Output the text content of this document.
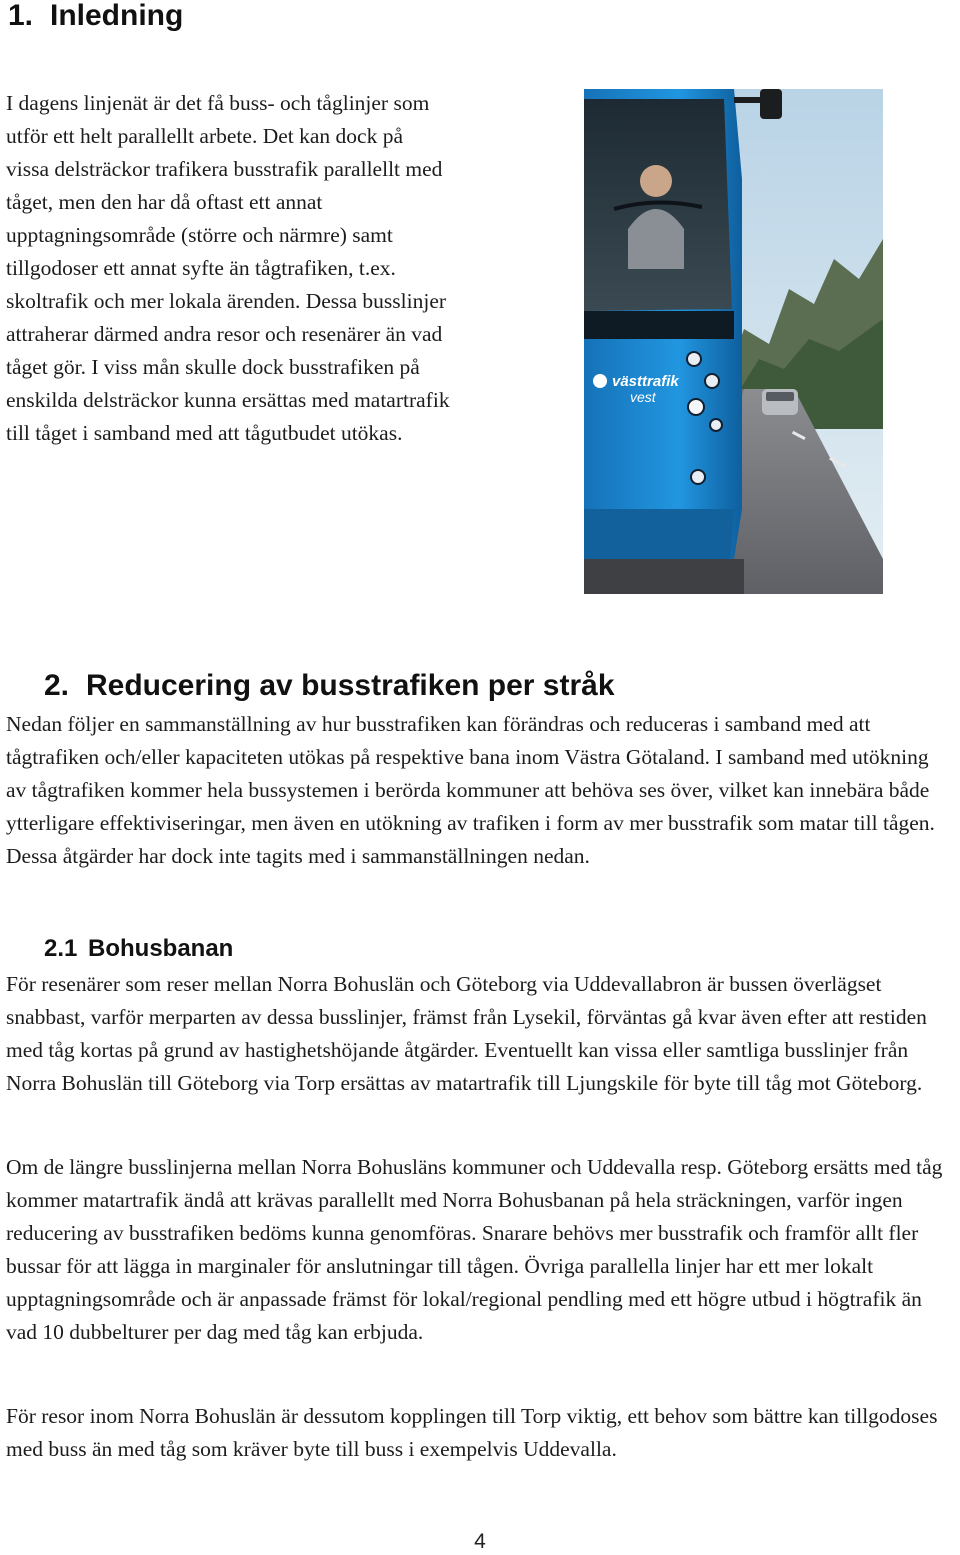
1. Inledning

I dagens linjenät är det få buss- och tåglinjer som utför ett helt parallellt arbete. Det kan dock på vissa delsträckor trafikera busstrafik parallellt med tåget, men den har då oftast ett annat upptagningsområde (större och närmre) samt tillgodoser ett annat syfte än tågtrafiken, t.ex. skoltrafik och mer lokala ärenden. Dessa busslinjer attraherar därmed andra resor och resenärer än vad tåget gör. I viss mån skulle dock busstrafiken på enskilda delsträckor kunna ersättas med matartrafik till tåget i samband med att tågutbudet utökas.

västtrafik
vest
2. Reducering av busstrafiken per stråk

Nedan följer en sammanställning av hur busstrafiken kan förändras och reduceras i samband med att tågtrafiken och/eller kapaciteten utökas på respektive bana inom Västra Götaland. I samband med utökning av tågtrafiken kommer hela bussystemen i berörda kommuner att behöva ses över, vilket kan innebära både ytterligare effektiviseringar, men även en utökning av trafiken i form av mer busstrafik som matar till tågen. Dessa åtgärder har dock inte tagits med i sammanställningen nedan.

2.1 Bohusbanan

För resenärer som reser mellan Norra Bohuslän och Göteborg via Uddevallabron är bussen överlägset snabbast, varför merparten av dessa busslinjer, främst från Lysekil, förväntas gå kvar även efter att restiden med tåg kortas på grund av hastighetshöjande åtgärder. Eventuellt kan vissa eller samtliga busslinjer från Norra Bohuslän till Göteborg via Torp ersättas av matartrafik till Ljungskile för byte till tåg mot Göteborg.

Om de längre busslinjerna mellan Norra Bohusläns kommuner och Uddevalla resp. Göteborg ersätts med tåg kommer matartrafik ändå att krävas parallellt med Norra Bohusbanan på hela sträckningen, varför ingen reducering av busstrafiken bedöms kunna genomföras. Snarare behövs mer busstrafik och framför allt fler bussar för att lägga in marginaler för anslutningar till tågen. Övriga parallella linjer har ett mer lokalt upptagningsområde och är anpassade främst för lokal/regional pendling med ett högre utbud i högtrafik än vad 10 dubbelturer per dag med tåg kan erbjuda.

För resor inom Norra Bohuslän är dessutom kopplingen till Torp viktig, ett behov som bättre kan tillgodoses med buss än med tåg som kräver byte till buss i exempelvis Uddevalla.

4
